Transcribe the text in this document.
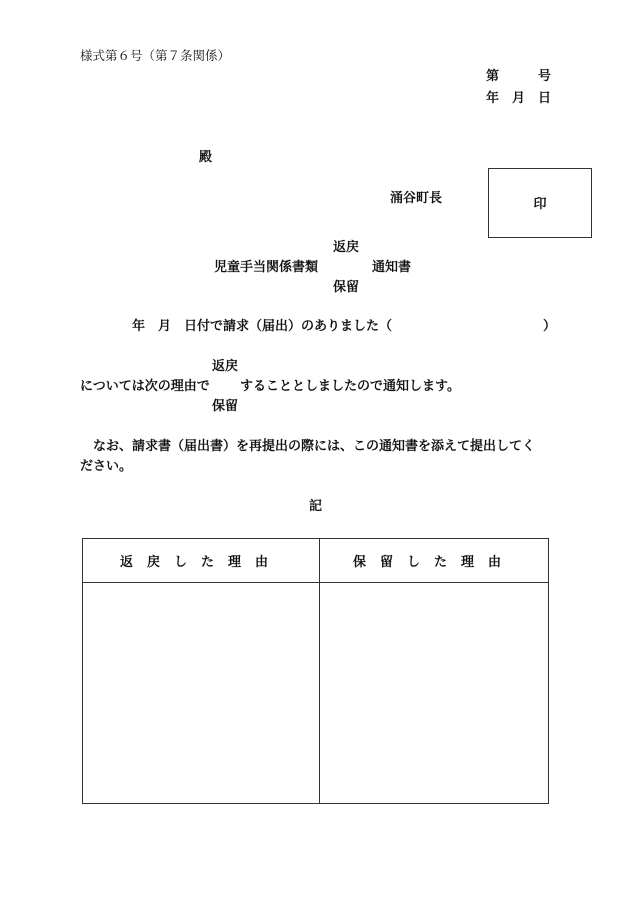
様式第６号（第７条関係）
第	号
年 月 日
殿
涌谷町長	印
返戻
児童手当関係書類	通知書
保留
年　月　日付で請求（届出）のありました（	）
返戻
については次の理由で することとしましたので通知します。
保留
なお、請求書（届出書）を再提出の際には、この通知書を添えて提出してく
ださい。
記
返戻した理由	保留した理由
